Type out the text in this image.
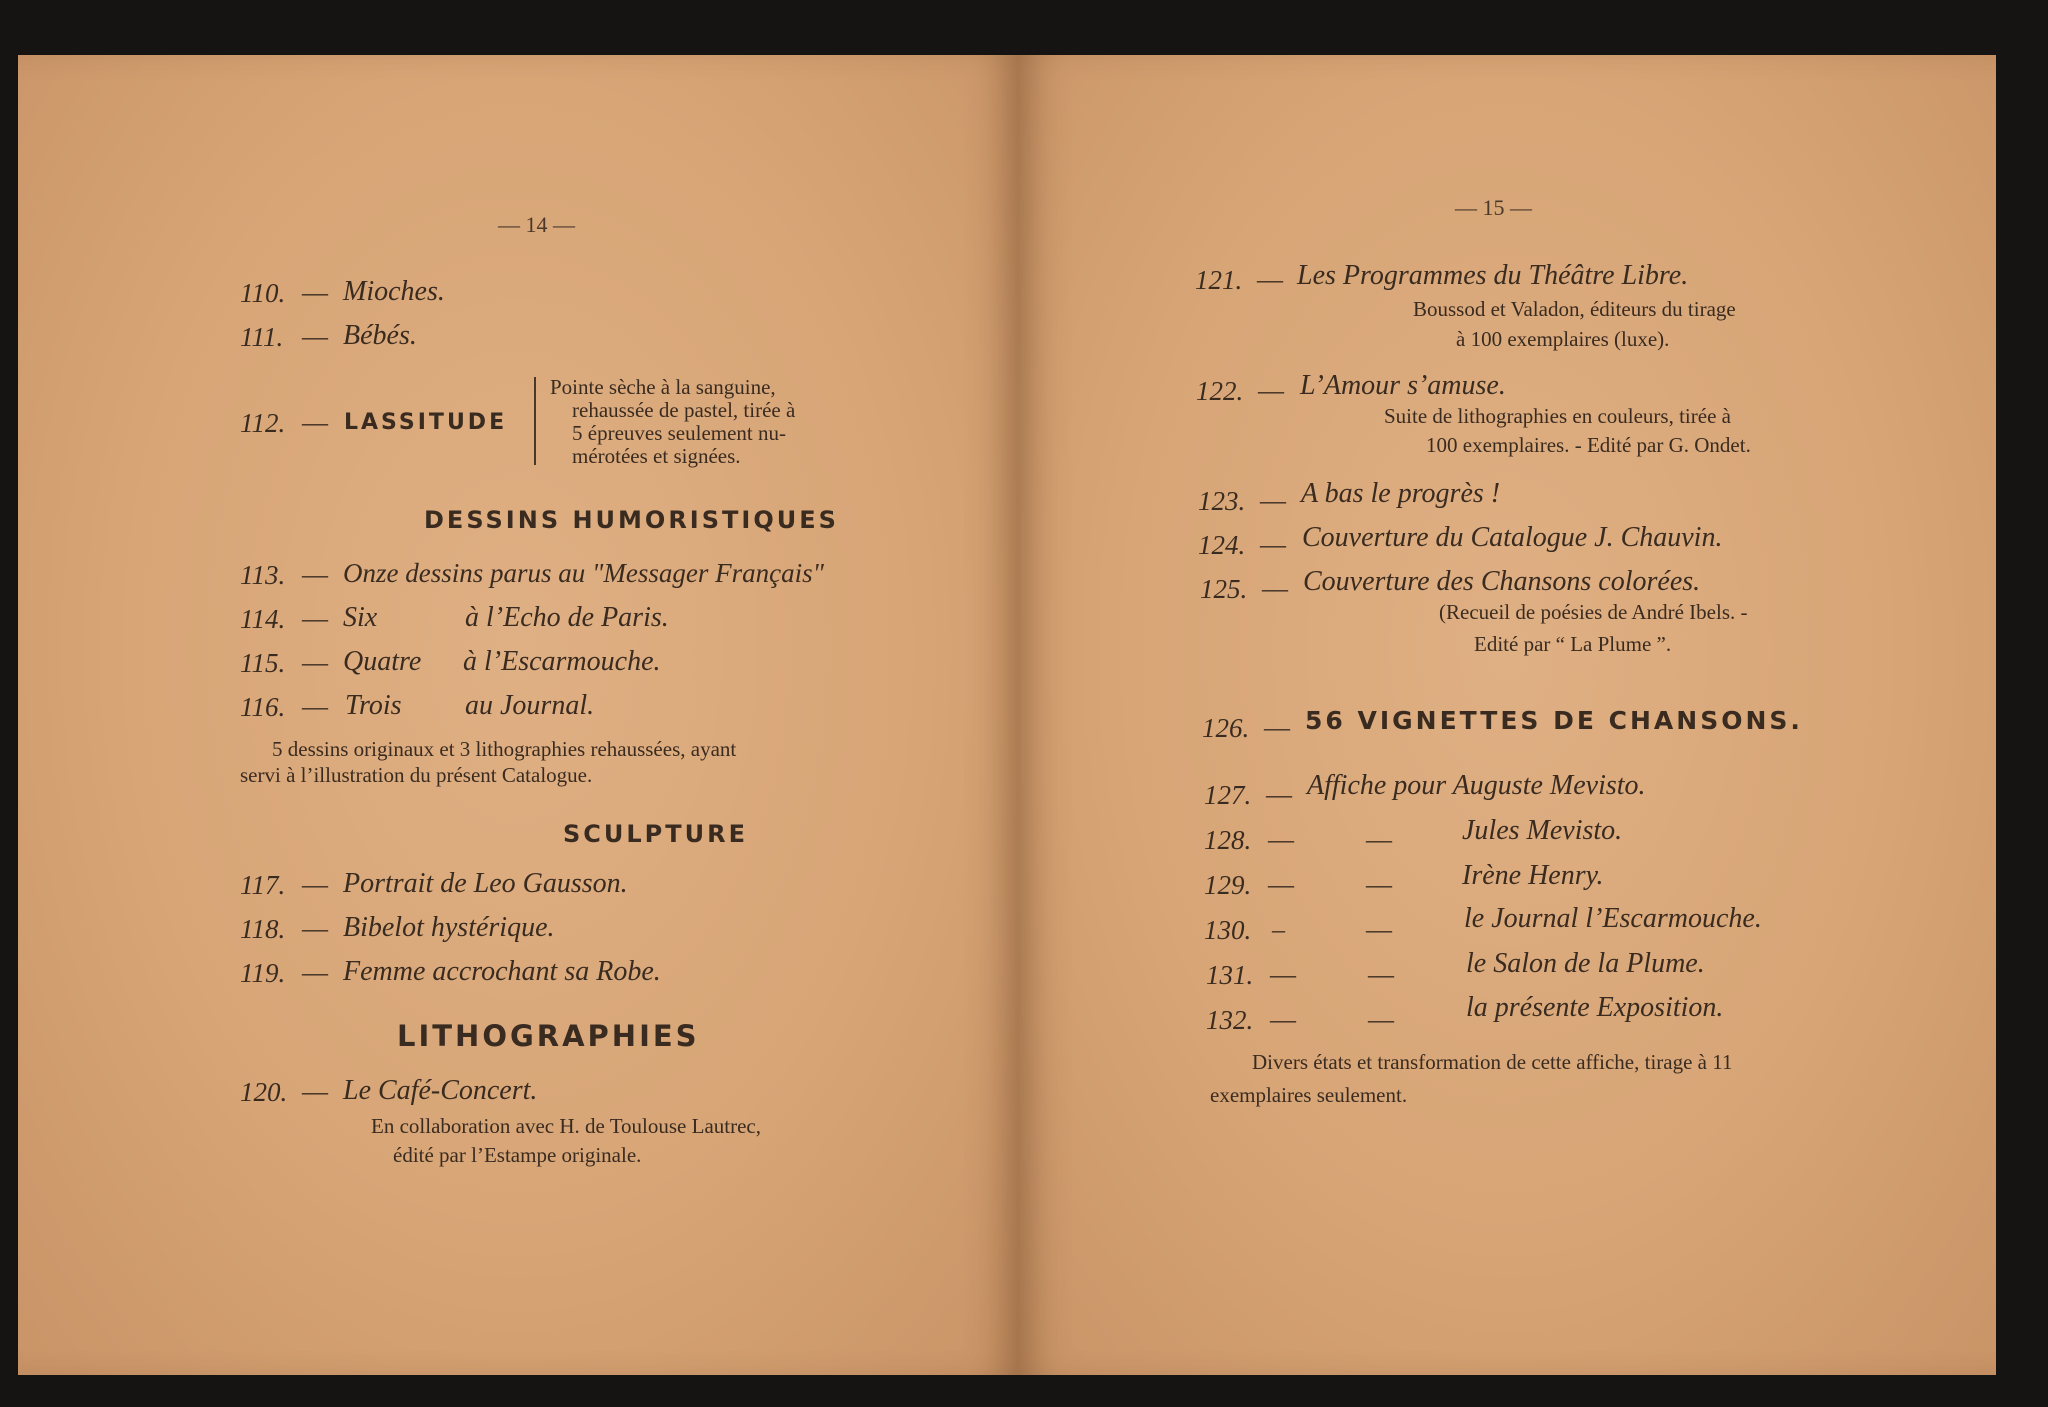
— 14 —
110. — Mioches.
111. — Bébés.
112. — LASSITUDE
Pointe sèche à la sanguine,
rehaussée de pastel, tirée à
5 épreuves seulement nu-
mérotées et signées.
DESSINS HUMORISTIQUES
113. — Onze dessins parus au "Messager Français"
114. — Six	à l’Echo de Paris.
115. — Quatre à l’Escarmouche.
116. — Trois au Journal.
5 dessins originaux et 3 lithographies rehaussées, ayant
servi à l’illustration du présent Catalogue.
SCULPTURE
117. — Portrait de Leo Gausson.
118. — Bibelot hystérique.
119. — Femme accrochant sa Robe.
LITHOGRAPHIES
120. — Le Café-Concert.
En collaboration avec H. de Toulouse Lautrec,
édité par l’Estampe originale.
— 15 —
121. — Les Programmes du Théâtre Libre.
Boussod et Valadon, éditeurs du tirage
à 100 exemplaires (luxe).
122. — L’Amour s’amuse.
Suite de lithographies en couleurs, tirée à
100 exemplaires. - Edité par G. Ondet.
123. — A bas le progrès !
124. — Couverture du Catalogue J. Chauvin.
125. — Couverture des Chansons colorées.
(Recueil de poésies de André Ibels. -
Edité par “ La Plume ”.
126. — 56 VIGNETTES DE CHANSONS.
127. — Affiche pour Auguste Mevisto.
128. —	—	Jules Mevisto.
129. —	—	Irène Henry.
130. –	—	le Journal l’Escarmouche.
131. —	—	le Salon de la Plume.
132. —	—	la présente Exposition.
Divers états et transformation de cette affiche, tirage à 11
exemplaires seulement.
